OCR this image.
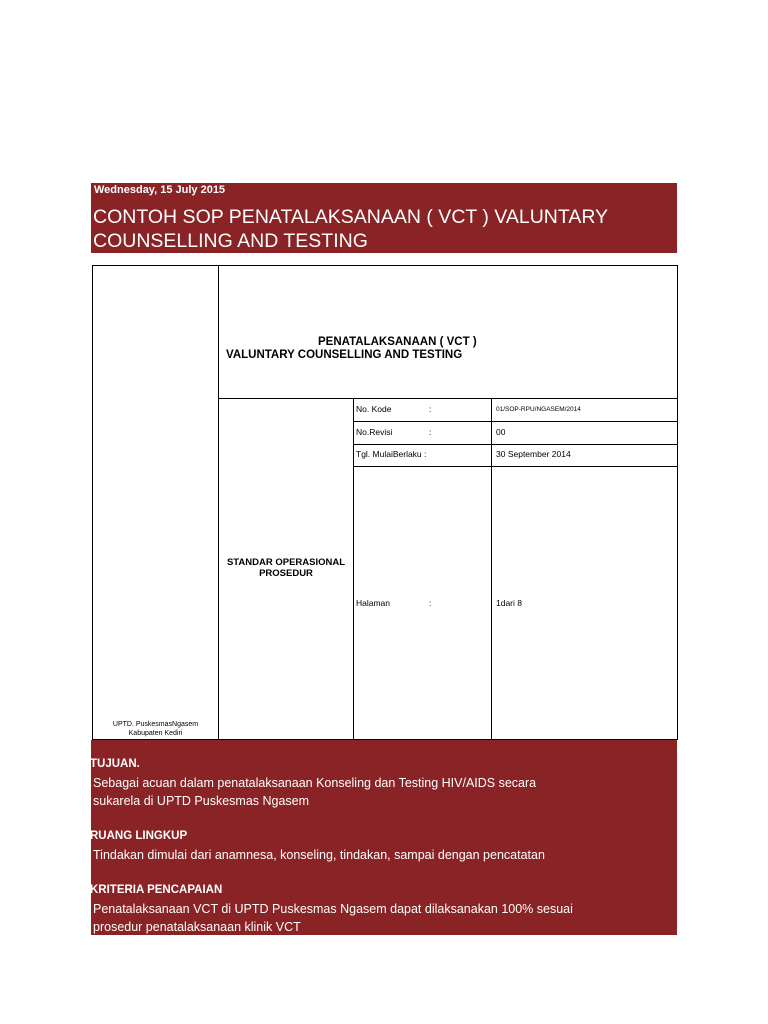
Wednesday, 15 July 2015
CONTOH SOP PENATALAKSANAAN ( VCT ) VALUNTARY
COUNSELLING AND TESTING
UPTD. PuskesmasNgasem
Kabupaten Kediri
PENATALAKSANAAN ( VCT )
VALUNTARY COUNSELLING AND TESTING
STANDAR OPERASIONAL
PROSEDUR
No. Kode	:	01/SOP-RPU/NGASEM/2014
No.Revisi	:	00
Tgl. MulaiBerlaku :	30 September 2014
Halaman	:	1dari 8
1. TUJUAN.
Sebagai acuan dalam penatalaksanaan Konseling dan Testing HIV/AIDS secara
sukarela di UPTD Puskesmas Ngasem
2. RUANG LINGKUP
Tindakan dimulai dari anamnesa, konseling, tindakan, sampai dengan pencatatan
3. KRITERIA PENCAPAIAN
Penatalaksanaan VCT di UPTD Puskesmas Ngasem dapat dilaksanakan 100% sesuai
prosedur penatalaksanaan klinik VCT
